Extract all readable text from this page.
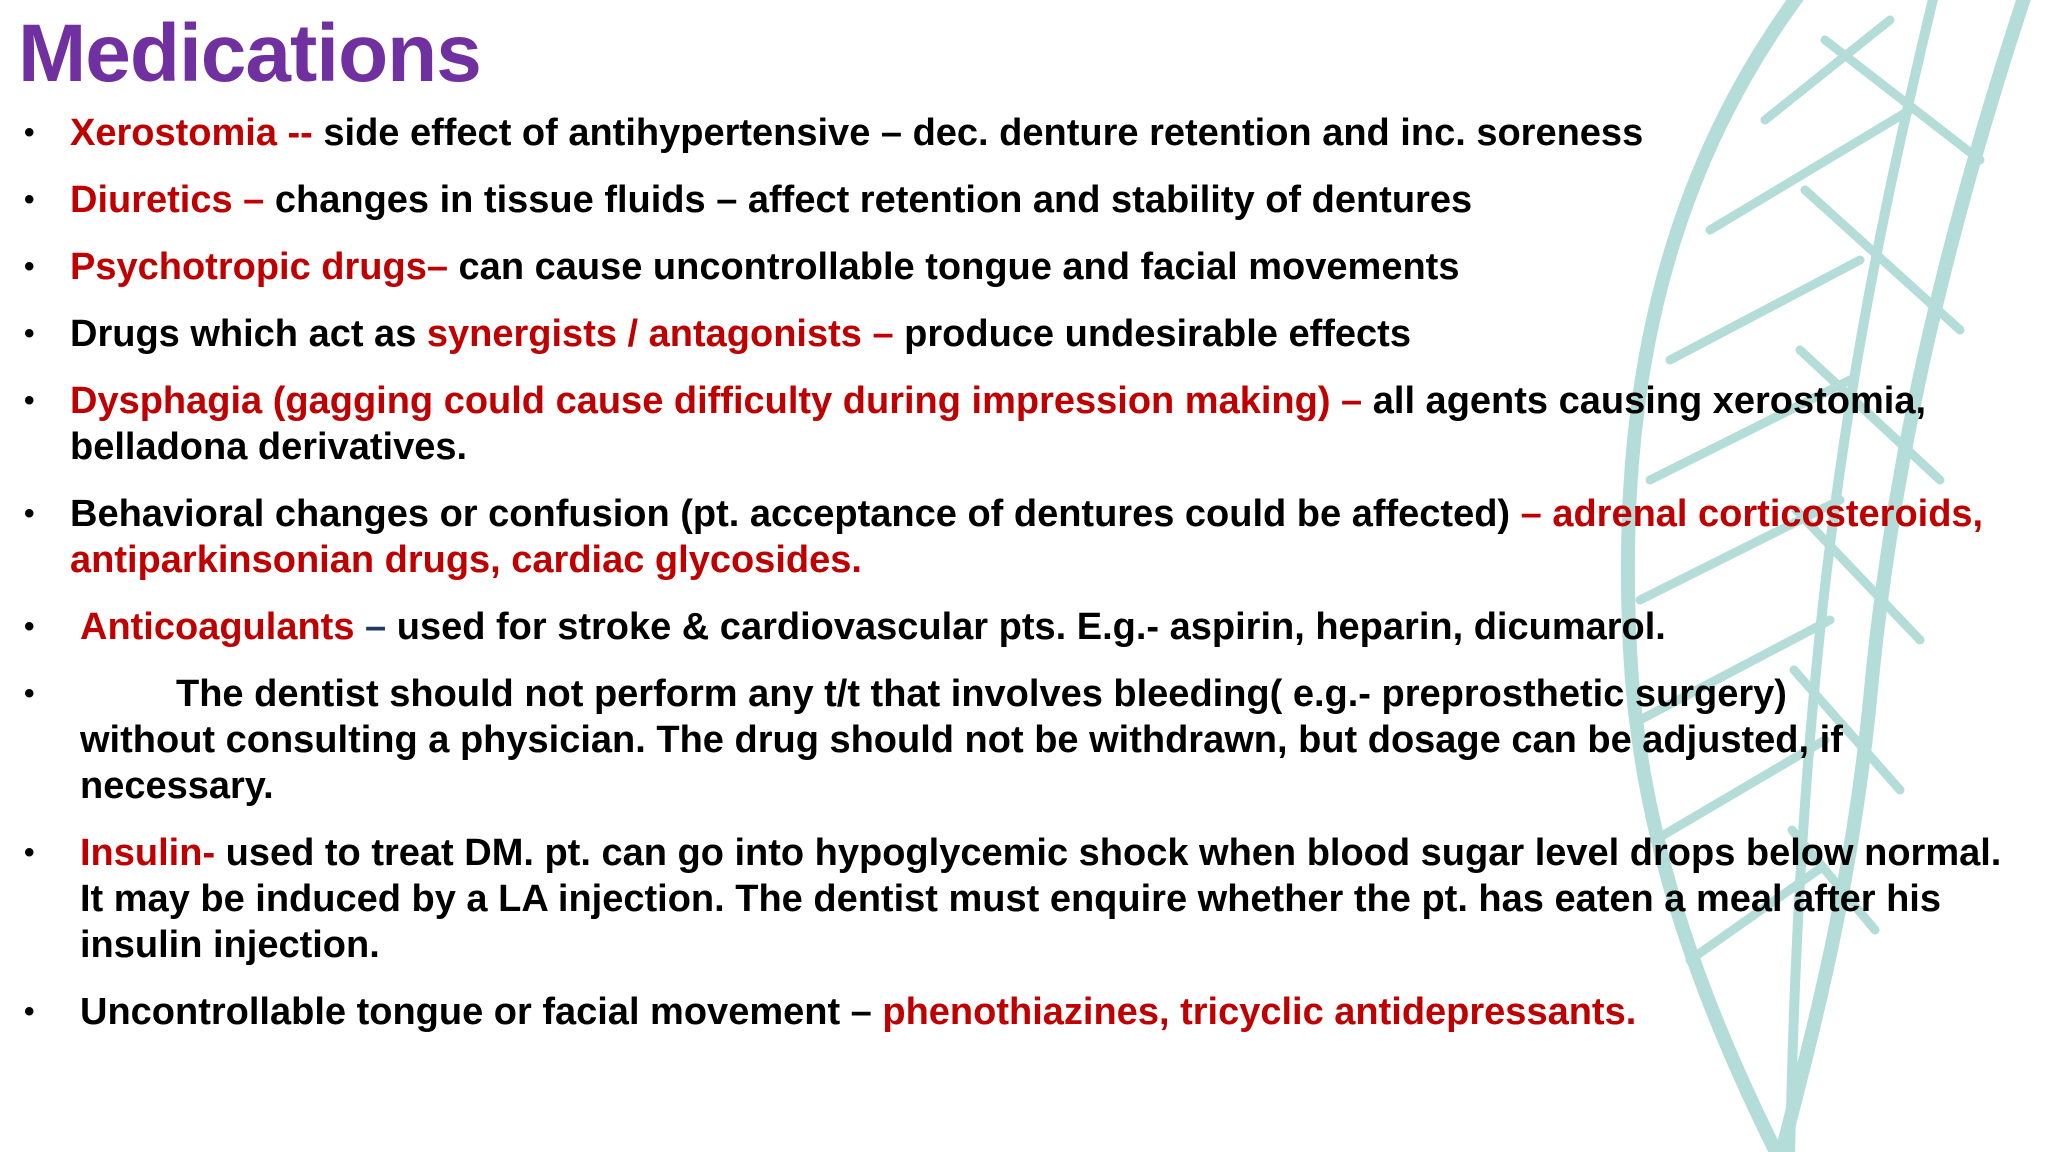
Medications
• Xerostomia -- side effect of antihypertensive – dec. denture retention and inc. soreness
• Diuretics – changes in tissue fluids – affect retention and stability of dentures
• Psychotropic drugs– can cause uncontrollable tongue and facial movements
• Drugs which act as synergists / antagonists – produce undesirable effects
• Dysphagia (gagging could cause difficulty during impression making) – all agents causing xerostomia, belladona derivatives.
• Behavioral changes or confusion (pt. acceptance of dentures could be affected) – adrenal corticosteroids, antiparkinsonian drugs, cardiac glycosides.
• Anticoagulants – used for stroke & cardiovascular pts. E.g.- aspirin, heparin, dicumarol.
•	The dentist should not perform any t/t that involves bleeding( e.g.- preprosthetic surgery)
without consulting a physician. The drug should not be withdrawn, but dosage can be adjusted, if necessary.
• Insulin- used to treat DM. pt. can go into hypoglycemic shock when blood sugar level drops below normal. It may be induced by a LA injection. The dentist must enquire whether the pt. has eaten a meal after his insulin injection.
• Uncontrollable tongue or facial movement – phenothiazines, tricyclic antidepressants.
